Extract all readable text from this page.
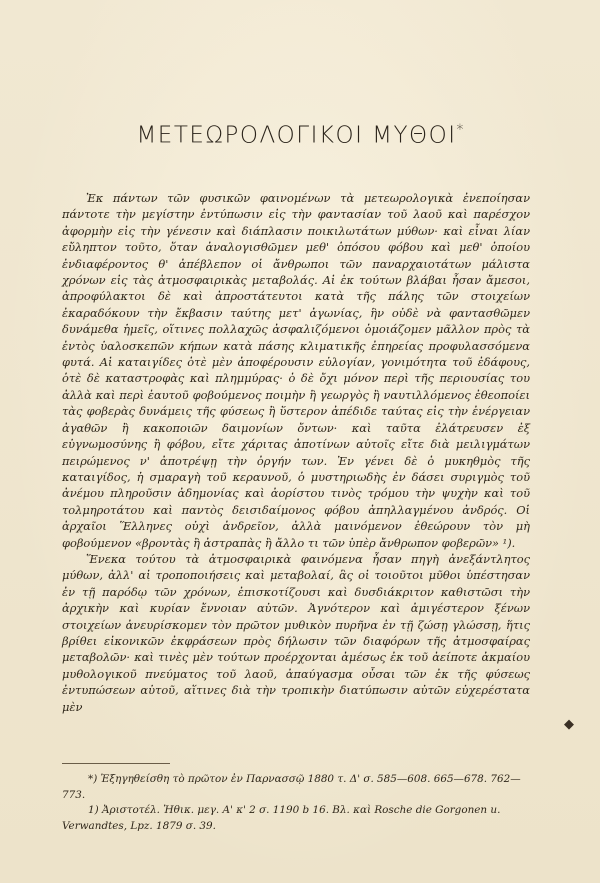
ΜΕΤΕΩΡΟΛΟΓΙΚΟΙ ΜΥΘΟΙ*

Ἐκ πάντων τῶν φυσικῶν φαινομένων τὰ μετεωρολογικὰ ἐνεποίησαν πάντοτε τὴν μεγίστην ἐντύπωσιν εἰς τὴν φαντασίαν τοῦ λαοῦ καὶ παρέσχον ἀφορμὴν εἰς τὴν γένεσιν καὶ διάπλασιν ποικιλωτάτων μύθων· καὶ εἶναι λίαν εὔληπτον τοῦτο, ὅταν ἀναλογισθῶμεν μεθ' ὁπόσου φόβου καὶ μεθ' ὁποίου ἐνδιαφέροντος θ' ἀπέβλεπον οἱ ἄνθρωποι τῶν παναρχαιοτάτων μάλιστα χρόνων εἰς τὰς ἀτμοσφαιρικὰς μεταβολάς. Αἱ ἐκ τούτων βλάβαι ἦσαν ἄμεσοι, ἀπροφύλακτοι δὲ καὶ ἀπροστάτευτοι κατὰ τῆς πάλης τῶν στοιχείων ἐκαραδόκουν τὴν ἔκβασιν ταύτης μετ' ἀγωνίας, ἣν οὐδὲ νὰ φαντασθῶμεν δυνάμεθα ἡμεῖς, οἵτινες πολλαχῶς ἀσφαλιζόμενοι ὁμοιάζομεν μᾶλλον πρὸς τὰ ἐντὸς ὑαλοσκεπῶν κήπων κατὰ πάσης κλιματικῆς ἐπηρείας προφυλασσόμενα φυτά. Αἱ καταιγίδες ὁτὲ μὲν ἀποφέρουσιν εὐλογίαν, γονιμότητα τοῦ ἐδάφους, ὁτὲ δὲ καταστροφὰς καὶ πλημμύρας· ὁ δὲ ὄχι μόνον περὶ τῆς περιουσίας του ἀλλὰ καὶ περὶ ἑαυτοῦ φοβούμενος ποιμὴν ἢ γεωργὸς ἢ ναυτιλλόμενος ἐθεοποίει τὰς φοβερὰς δυνάμεις τῆς φύσεως ἢ ὕστερον ἀπέδιδε ταύτας εἰς τὴν ἐνέργειαν ἀγαθῶν ἢ κακοποιῶν δαιμονίων ὄντων· καὶ ταῦτα ἐλάτρευσεν ἐξ εὐγνωμοσύνης ἢ φόβου, εἴτε χάριτας ἀποτίνων αὐτοῖς εἴτε διὰ μειλιγμάτων πειρώμενος ν' ἀποτρέψῃ τὴν ὀργήν των. Ἐν γένει δὲ ὁ μυκηθμὸς τῆς καταιγίδος, ἡ σμαραγὴ τοῦ κεραυνοῦ, ὁ μυστηριωδὴς ἐν δάσει συριγμὸς τοῦ ἀνέμου πληροῦσιν ἀδημονίας καὶ ἀορίστου τινὸς τρόμου τὴν ψυχὴν καὶ τοῦ τολμηροτάτου καὶ παντὸς δεισιδαίμονος φόβου ἀπηλλαγμένου ἀνδρός. Οἱ ἀρχαῖοι Ἕλληνες οὐχὶ ἀνδρεῖον, ἀλλὰ μαινόμενον ἐθεώρουν τὸν μὴ φοβούμενον «βροντὰς ἢ ἀστραπὰς ἢ ἄλλο τι τῶν ὑπὲρ ἄνθρωπον φοβερῶν» ¹).

Ἕνεκα τούτου τὰ ἀτμοσφαιρικὰ φαινόμενα ἦσαν πηγὴ ἀνεξάντλητος μύθων, ἀλλ' αἱ τροποποιήσεις καὶ μεταβολαί, ἃς οἱ τοιοῦτοι μῦθοι ὑπέστησαν ἐν τῇ παρόδῳ τῶν χρόνων, ἐπισκοτίζουσι καὶ δυσδιάκριτον καθιστῶσι τὴν ἀρχικὴν καὶ κυρίαν ἔννοιαν αὐτῶν. Ἀγνότερον καὶ ἀμιγέστερον ξένων στοιχείων ἀνευρίσκομεν τὸν πρῶτον μυθικὸν πυρῆνα ἐν τῇ ζώσῃ γλώσσῃ, ἥτις βρίθει εἰκονικῶν ἐκφράσεων πρὸς δήλωσιν τῶν διαφόρων τῆς ἀτμοσφαίρας μεταβολῶν· καὶ τινὲς μὲν τούτων προέρχονται ἀμέσως ἐκ τοῦ ἀείποτε ἀκμαίου μυθολογικοῦ πνεύματος τοῦ λαοῦ, ἀπαύγασμα οὖσαι τῶν ἐκ τῆς φύσεως ἐντυπώσεων αὐτοῦ, αἵτινες διὰ τὴν τροπικὴν διατύπωσιν αὐτῶν εὐχερέστατα μὲν

◆

*) Ἐξηγηθείσθη τὸ πρῶτον ἐν Παρνασσῷ 1880 τ. Δ' σ. 585—608. 665—678. 762—773.

1) Ἀριστοτέλ. Ἠθικ. μεγ. Α' κ' 2 σ. 1190 b 16. Βλ. καὶ Rosche die Gorgonen u. Verwandtes, Lpz. 1879 σ. 39.
